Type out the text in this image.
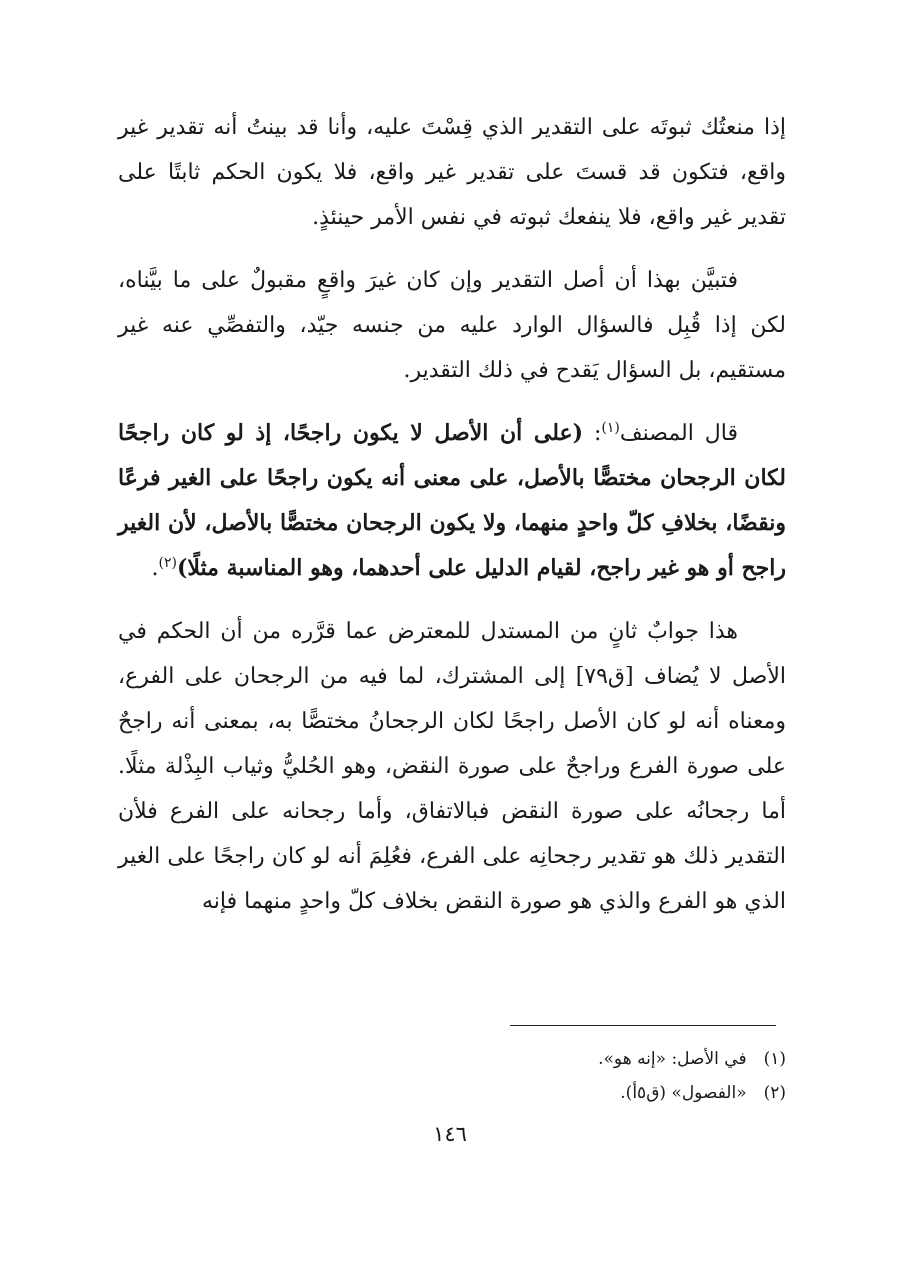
إذا منعتُك ثبوتَه على التقدير الذي قِسْتَ عليه، وأنا قد بينتُ أنه تقدير غير واقع، فتكون قد قستَ على تقدير غير واقع، فلا يكون الحكم ثابتًا على تقدير غير واقع، فلا ينفعك ثبوته في نفس الأمر حينئذٍ.

فتبيَّن بهذا أن أصل التقدير وإن كان غيرَ واقعٍ مقبولٌ على ما بيَّناه، لكن إذا قُبِل فالسؤال الوارد عليه من جنسه جيّد، والتفصِّي عنه غير مستقيم، بل السؤال يَقدح في ذلك التقدير.

قال المصنف$^{(١)}$: (على أن الأصل لا يكون راجحًا، إذ لو كان راجحًا لكان الرجحان مختصًّا بالأصل، على معنى أنه يكون راجحًا على الغير فرعًا ونقضًا، بخلافِ كلّ واحدٍ منهما، ولا يكون الرجحان مختصًّا بالأصل، لأن الغير راجح أو هو غير راجح، لقيام الدليل على أحدهما، وهو المناسبة مثلًا)$^{(٢)}$.

هذا جوابٌ ثانٍ من المستدل للمعترض عما قرَّره من أن الحكم في الأصل لا يُضاف [ق٧٩] إلى المشترك، لما فيه من الرجحان على الفرع، ومعناه أنه لو كان الأصل راجحًا لكان الرجحانُ مختصًّا به، بمعنى أنه راجحٌ على صورة الفرع وراجحٌ على صورة النقض، وهو الحُليُّ وثياب البِذْلة مثلًا. أما رجحانُه على صورة النقض فبالاتفاق، وأما رجحانه على الفرع فلأن التقدير ذلك هو تقدير رجحانِه على الفرع، فعُلِمَ أنه لو كان راجحًا على الغير الذي هو الفرع والذي هو صورة النقض بخلاف كلّ واحدٍ منهما فإنه

(١) في الأصل: «إنه هو».
(٢) «الفصول» (ق٥أ).
١٤٦
